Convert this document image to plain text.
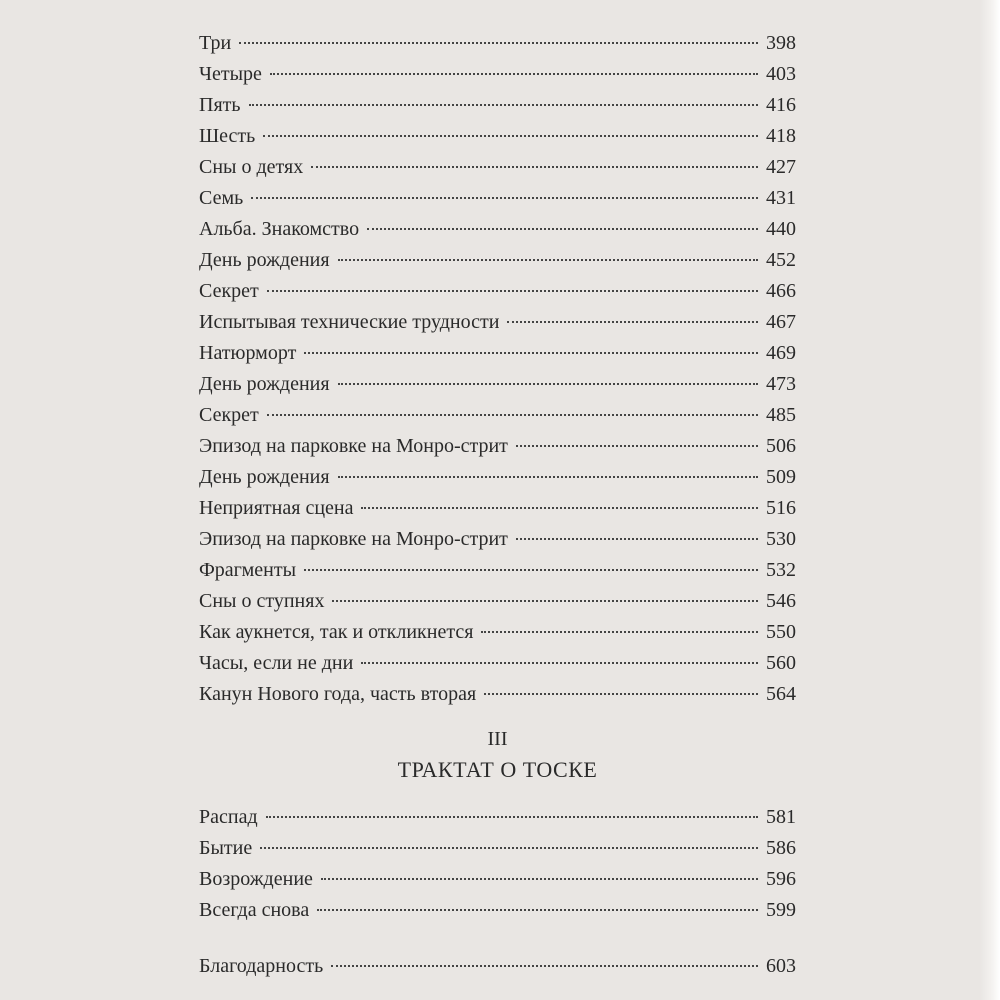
Три	398
Четыре	403
Пять	416
Шесть	418
Сны о детях	427
Семь	431
Альба. Знакомство	440
День рождения	452
Секрет	466
Испытывая технические трудности	467
Натюрморт	469
День рождения	473
Секрет	485
Эпизод на парковке на Монро-стрит	506
День рождения	509
Неприятная сцена	516
Эпизод на парковке на Монро-стрит	530
Фрагменты	532
Сны о ступнях	546
Как аукнется, так и откликнется	550
Часы, если не дни	560
Канун Нового года, часть вторая	564
III
ТРАКТАТ О ТОСКЕ
Распад	581
Бытие	586
Возрождение	596
Всегда снова	599
Благодарность	603
